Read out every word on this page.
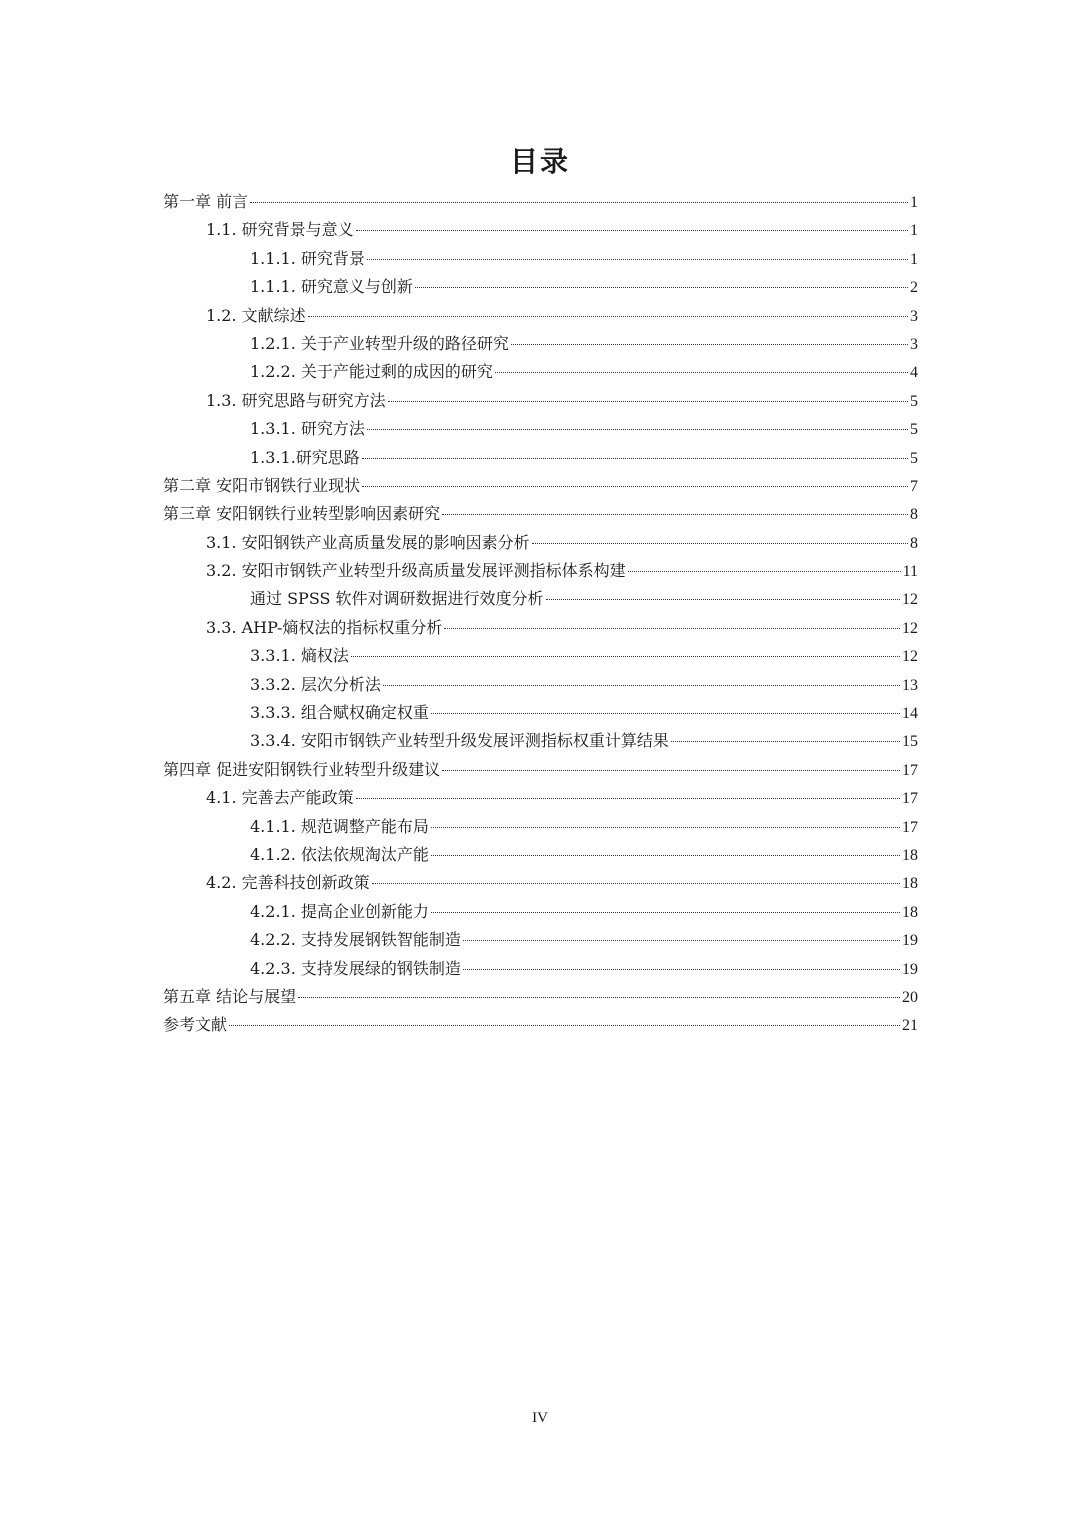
目录
第一章 前言	1
1.1. 研究背景与意义	1
1.1.1. 研究背景	1
1.1.1. 研究意义与创新	2
1.2. 文献综述	3
1.2.1. 关于产业转型升级的路径研究	3
1.2.2. 关于产能过剩的成因的研究	4
1.3. 研究思路与研究方法	5
1.3.1. 研究方法	5
1.3.1.研究思路	5
第二章 安阳市钢铁行业现状	7
第三章 安阳钢铁行业转型影响因素研究	8
3.1. 安阳钢铁产业高质量发展的影响因素分析	8
3.2. 安阳市钢铁产业转型升级高质量发展评测指标体系构建	11
通过 SPSS 软件对调研数据进行效度分析	12
3.3. AHP-熵权法的指标权重分析	12
3.3.1. 熵权法	12
3.3.2. 层次分析法	13
3.3.3. 组合赋权确定权重	14
3.3.4. 安阳市钢铁产业转型升级发展评测指标权重计算结果	15
第四章 促进安阳钢铁行业转型升级建议	17
4.1. 完善去产能政策	17
4.1.1. 规范调整产能布局	17
4.1.2. 依法依规淘汰产能	18
4.2. 完善科技创新政策	18
4.2.1. 提高企业创新能力	18
4.2.2. 支持发展钢铁智能制造	19
4.2.3. 支持发展绿的钢铁制造	19
第五章 结论与展望	20
参考文献	21

IV
